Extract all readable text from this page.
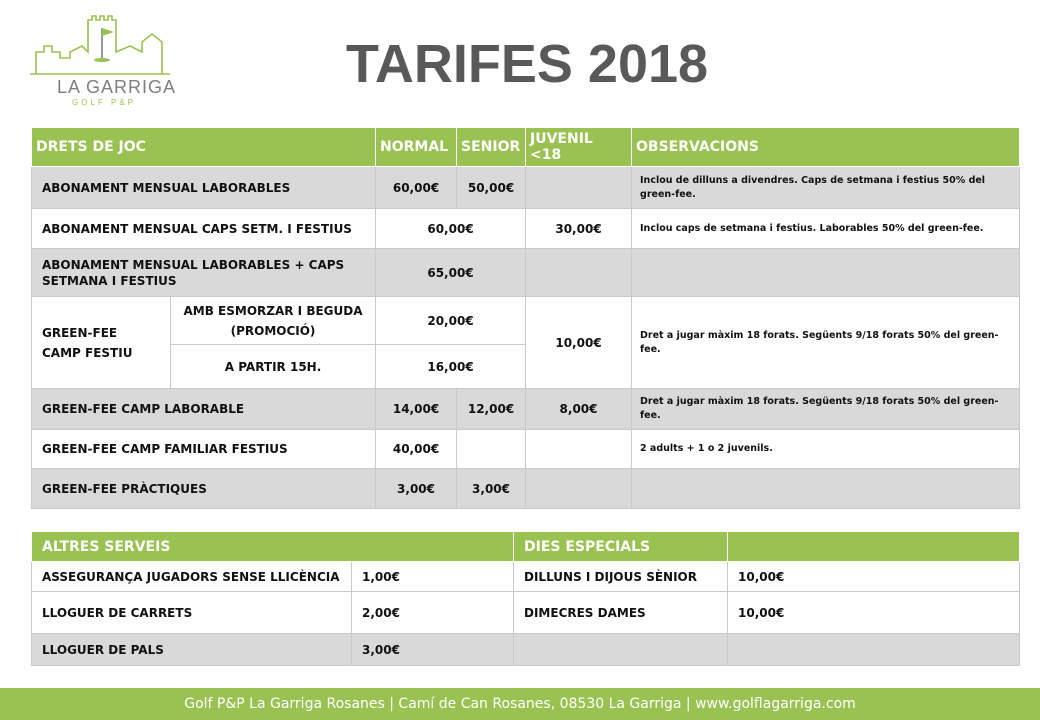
LA GARRIGA
GOLF P&P
TARIFES 2018
DRETS DE JOC		NORMAL	SENIOR	JUVENIL <18	OBSERVACIONS
ABONAMENT MENSUAL LABORABLES		60,00€	50,00€		Inclou de dilluns a divendres. Caps de setmana i festius 50% del green-fee.
ABONAMENT MENSUAL CAPS SETM. I FESTIUS		60,00€		30,00€	Inclou caps de setmana i festius. Laborables 50% del green-fee.
ABONAMENT MENSUAL LABORABLES + CAPS SETMANA I FESTIUS		65,00€			
GREEN-FEE CAMP FESTIU	AMB ESMORZAR I BEGUDA (PROMOCIÓ)	20,00€		10,00€	Dret a jugar màxim 18 forats. Següents 9/18 forats 50% del green-fee.
	A PARTIR 15H.	16,00€			
GREEN-FEE CAMP LABORABLE		14,00€	12,00€	8,00€	Dret a jugar màxim 18 forats. Següents 9/18 forats 50% del green-fee.
GREEN-FEE CAMP FAMILIAR FESTIUS		40,00€			2 adults + 1 o 2 juvenils.
GREEN-FEE PRÀCTIQUES		3,00€	3,00€		
ALTRES SERVEIS		DIES ESPECIALS	
ASSEGURANÇA JUGADORS SENSE LLICÈNCIA	1,00€	DILLUNS I DIJOUS SÈNIOR	10,00€
LLOGUER DE CARRETS	2,00€	DIMECRES DAMES	10,00€
LLOGUER DE PALS	3,00€		
Golf P&P La Garriga Rosanes | Camí de Can Rosanes, 08530 La Garriga | www.golflagarriga.com
